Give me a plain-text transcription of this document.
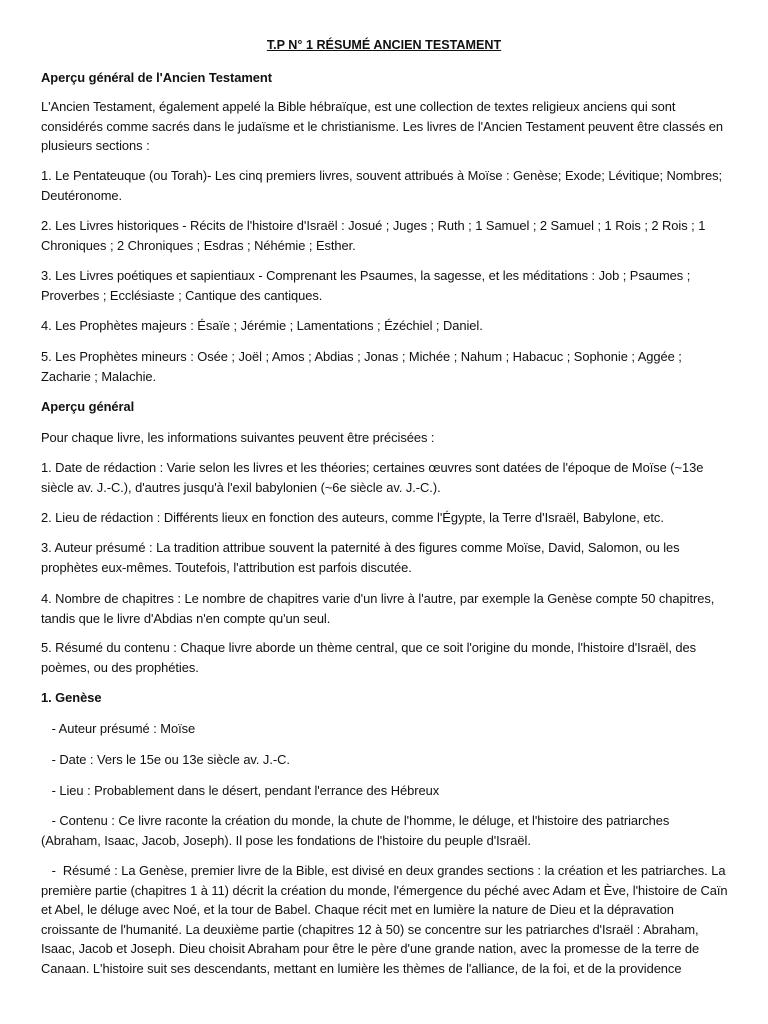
T.P N° 1 RÉSUMÉ ANCIEN TESTAMENT

Aperçu général de l'Ancien Testament

L'Ancien Testament, également appelé la Bible hébraïque, est une collection de textes religieux anciens qui sont considérés comme sacrés dans le judaïsme et le christianisme. Les livres de l'Ancien Testament peuvent être classés en plusieurs sections :

1. Le Pentateuque (ou Torah)- Les cinq premiers livres, souvent attribués à Moïse : Genèse; Exode; Lévitique; Nombres; Deutéronome.

2. Les Livres historiques - Récits de l'histoire d'Israël : Josué ; Juges ; Ruth ; 1 Samuel ; 2 Samuel ; 1 Rois ; 2 Rois ; 1 Chroniques ; 2 Chroniques ; Esdras ; Néhémie ; Esther.

3. Les Livres poétiques et sapientiaux - Comprenant les Psaumes, la sagesse, et les méditations : Job ; Psaumes ; Proverbes ; Ecclésiaste ; Cantique des cantiques.

4. Les Prophètes majeurs : Ésaïe ; Jérémie ; Lamentations ; Ézéchiel ; Daniel.

5. Les Prophètes mineurs : Osée ; Joël ; Amos ; Abdias ; Jonas ; Michée ; Nahum ; Habacuc ; Sophonie ; Aggée ; Zacharie ; Malachie.

Aperçu général

Pour chaque livre, les informations suivantes peuvent être précisées :

1. Date de rédaction : Varie selon les livres et les théories; certaines œuvres sont datées de l'époque de Moïse (~13e siècle av. J.-C.), d'autres jusqu'à l'exil babylonien (~6e siècle av. J.-C.).

2. Lieu de rédaction : Différents lieux en fonction des auteurs, comme l'Égypte, la Terre d'Israël, Babylone, etc.

3. Auteur présumé : La tradition attribue souvent la paternité à des figures comme Moïse, David, Salomon, ou les prophètes eux-mêmes. Toutefois, l'attribution est parfois discutée.

4. Nombre de chapitres : Le nombre de chapitres varie d'un livre à l'autre, par exemple la Genèse compte 50 chapitres, tandis que le livre d'Abdias n'en compte qu'un seul.

5. Résumé du contenu : Chaque livre aborde un thème central, que ce soit l'origine du monde, l'histoire d'Israël, des poèmes, ou des prophéties.

1. Genèse

- Auteur présumé : Moïse

- Date : Vers le 15e ou 13e siècle av. J.-C.

- Lieu : Probablement dans le désert, pendant l'errance des Hébreux

- Contenu : Ce livre raconte la création du monde, la chute de l'homme, le déluge, et l'histoire des patriarches (Abraham, Isaac, Jacob, Joseph). Il pose les fondations de l'histoire du peuple d'Israël.

-  Résumé : La Genèse, premier livre de la Bible, est divisé en deux grandes sections : la création et les patriarches. La première partie (chapitres 1 à 11) décrit la création du monde, l'émergence du péché avec Adam et Ève, l'histoire de Caïn et Abel, le déluge avec Noé, et la tour de Babel. Chaque récit met en lumière la nature de Dieu et la dépravation croissante de l'humanité. La deuxième partie (chapitres 12 à 50) se concentre sur les patriarches d'Israël : Abraham, Isaac, Jacob et Joseph. Dieu choisit Abraham pour être le père d'une grande nation, avec la promesse de la terre de Canaan. L'histoire suit ses descendants, mettant en lumière les thèmes de l'alliance, de la foi, et de la providence
